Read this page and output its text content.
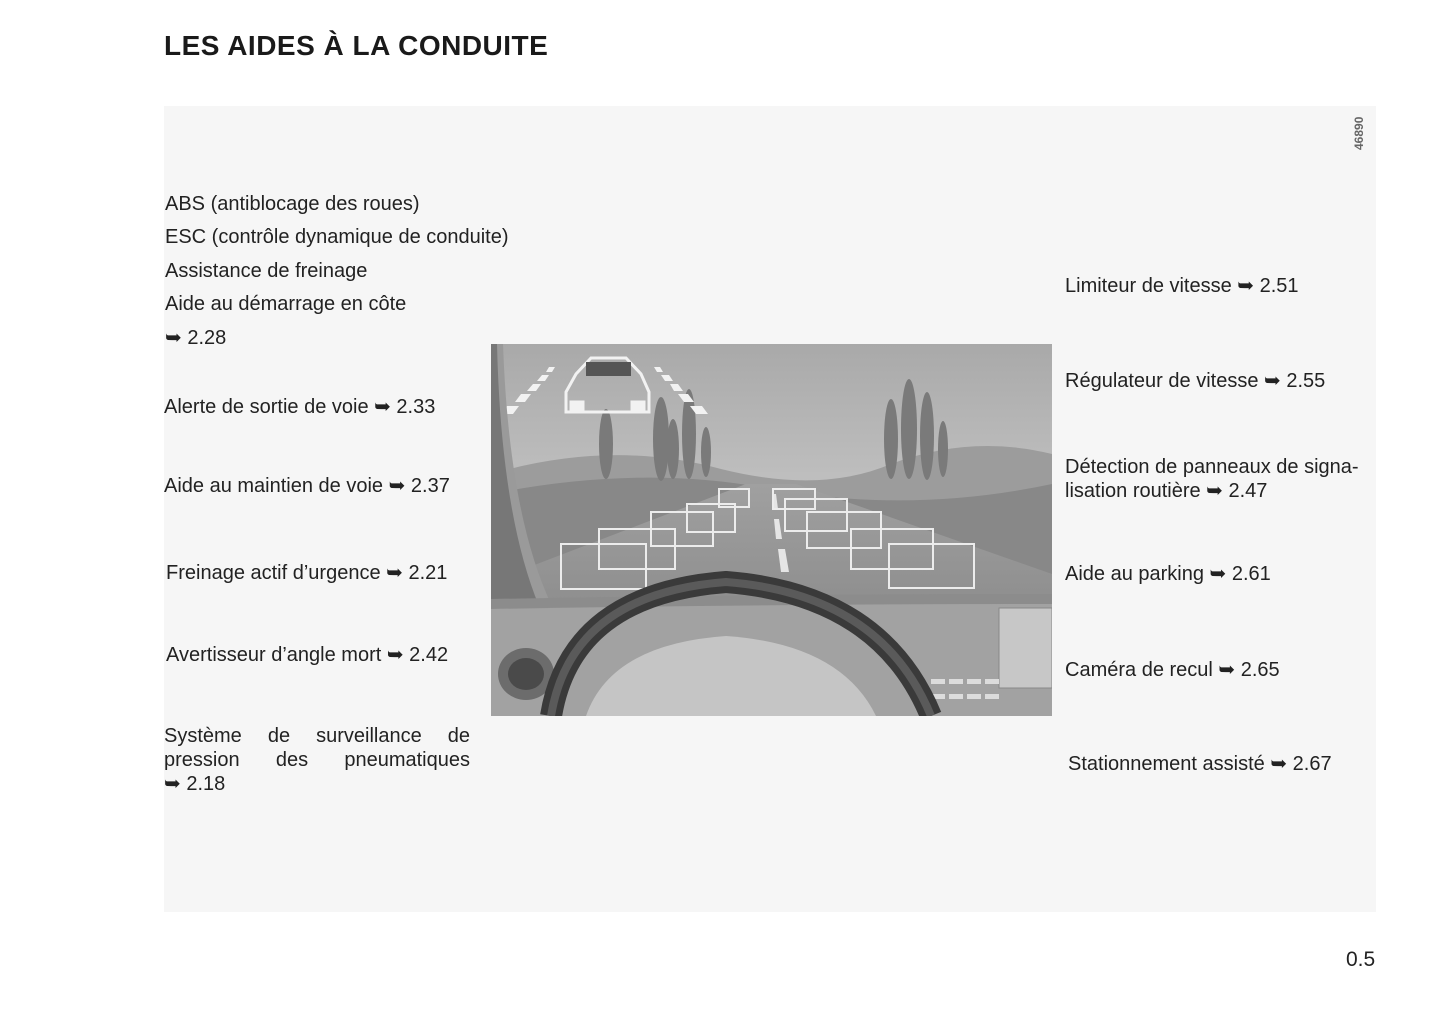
LES AIDES À LA CONDUITE
46890
ABS (antiblocage des roues)
ESC (contrôle dynamique de conduite)
Assistance de freinage
Aide au démarrage en côte
➥ 2.28
Alerte de sortie de voie ➥ 2.33
Aide au maintien de voie ➥ 2.37
Freinage actif d’urgence ➥ 2.21
Avertisseur d’angle mort ➥ 2.42
Système de surveillance de
pression des pneumatiques
➥ 2.18
Limiteur de vitesse ➥ 2.51
Régulateur de vitesse ➥ 2.55
Détection de panneaux de signa-
lisation routière ➥ 2.47
Aide au parking ➥ 2.61
Caméra de recul ➥ 2.65
Stationnement assisté ➥ 2.67
0.5
